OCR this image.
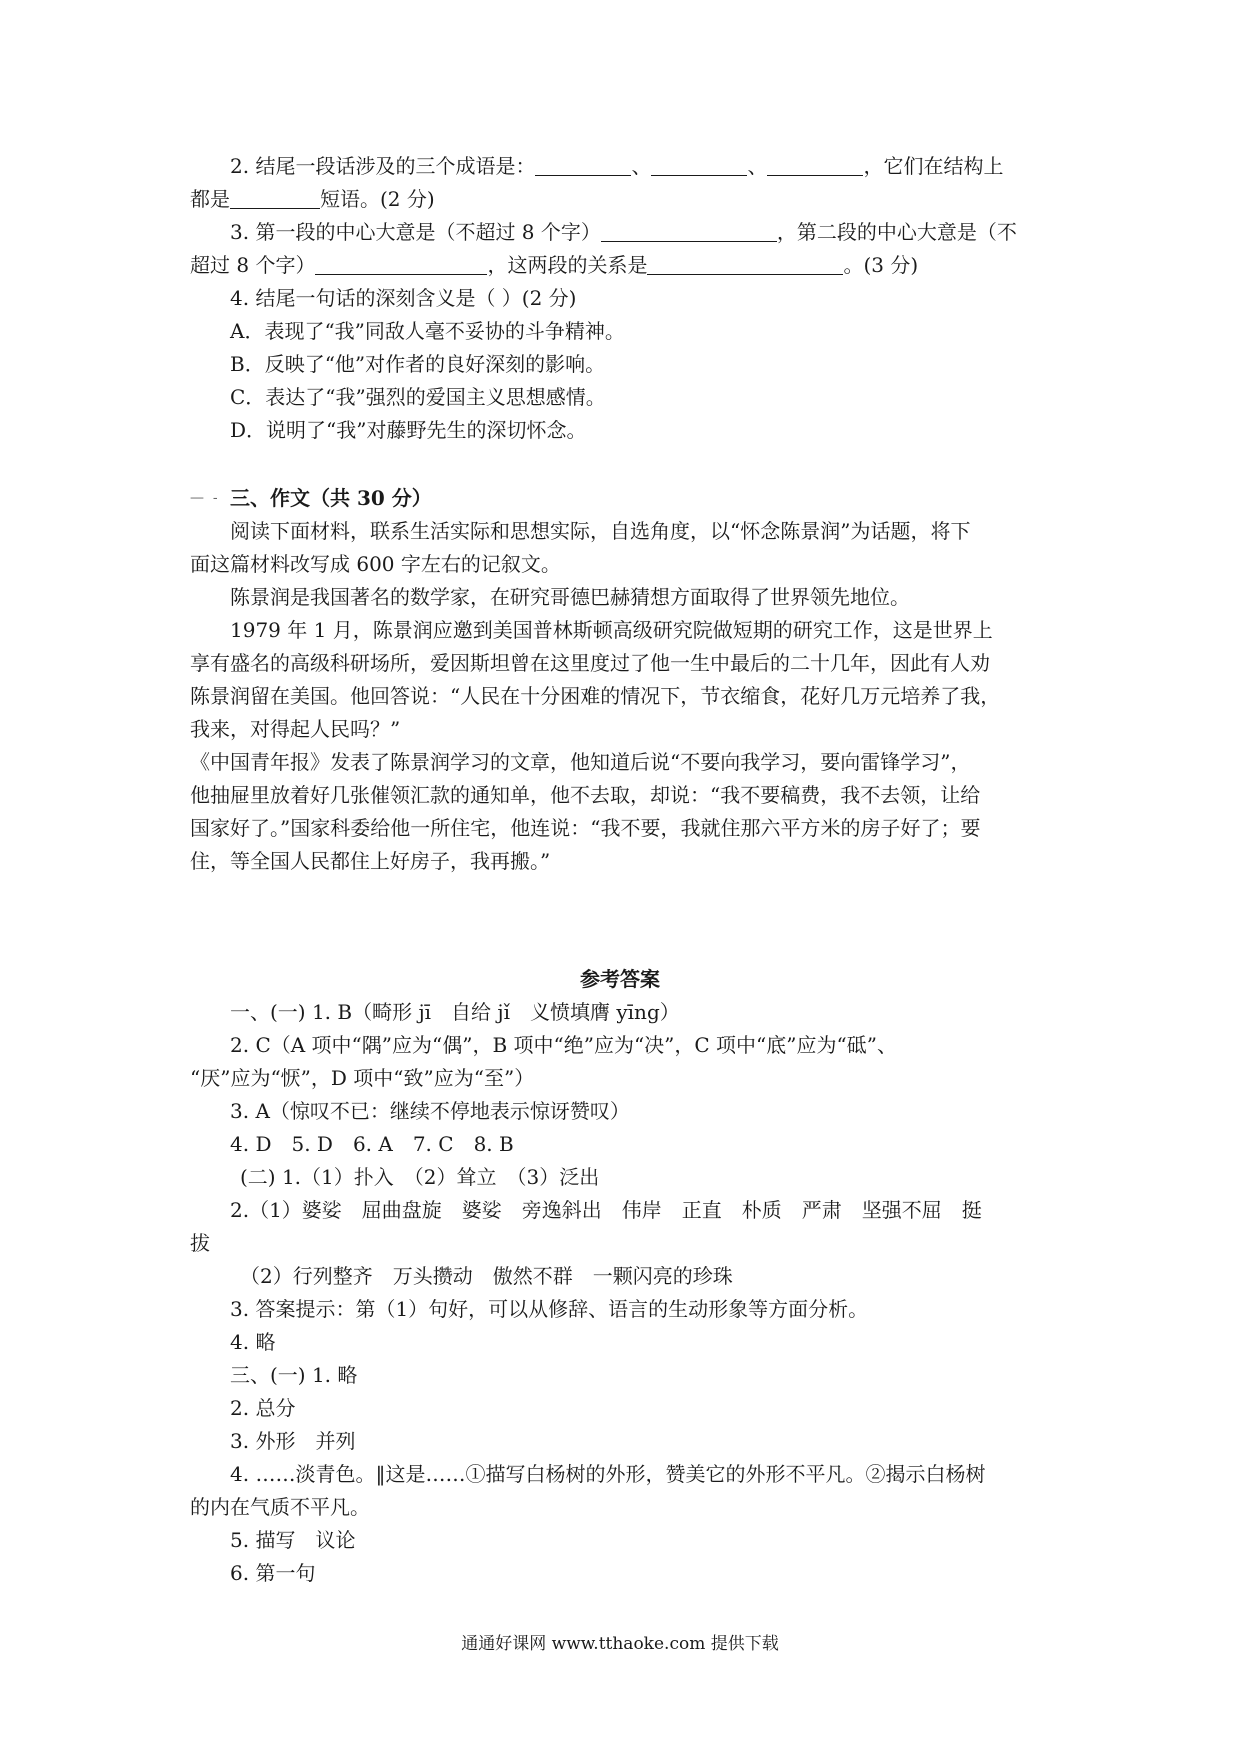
2. 结尾一段话涉及的三个成语是：	、	、	，它们在结构上
都是	短语。(2 分)
3. 第一段的中心大意是（不超过 8 个字）	，第二段的中心大意是（不
超过 8 个字）	，这两段的关系是	。(3 分)
4. 结尾一句话的深刻含义是（ ）(2 分)
A．表现了“我”同敌人毫不妥协的斗争精神。
B．反映了“他”对作者的良好深刻的影响。
C．表达了“我”强烈的爱国主义思想感情。
D．说明了“我”对藤野先生的深切怀念。
—  - 三、作文（共 30 分）
阅读下面材料，联系生活实际和思想实际，自选角度，以“怀念陈景润”为话题，将下
面这篇材料改写成 600 字左右的记叙文。
陈景润是我国著名的数学家，在研究哥德巴赫猜想方面取得了世界领先地位。
1979 年 1 月，陈景润应邀到美国普林斯顿高级研究院做短期的研究工作，这是世界上
享有盛名的高级科研场所，爱因斯坦曾在这里度过了他一生中最后的二十几年，因此有人劝
陈景润留在美国。他回答说：“人民在十分困难的情况下，节衣缩食，花好几万元培养了我，
我来，对得起人民吗？”
《中国青年报》发表了陈景润学习的文章，他知道后说“不要向我学习，要向雷锋学习”，
他抽屉里放着好几张催领汇款的通知单，他不去取，却说：“我不要稿费，我不去领，让给
国家好了。”国家科委给他一所住宅，他连说：“我不要，我就住那六平方米的房子好了；要
住，等全国人民都住上好房子，我再搬。”
参考答案
一、(一) 1. B（畸形 jī　自给 jǐ　义愤填膺 yīng）
2. C（A 项中“隅”应为“偶”，B 项中“绝”应为“决”，C 项中“底”应为“砥”、
“厌”应为“恹”，D 项中“致”应为“至”）
3. A（惊叹不已：继续不停地表示惊讶赞叹）
4. D　5. D　6. A　7. C　8. B
(二) 1.（1）扑入　（2）耸立　（3）泛出
2.（1）婆娑　屈曲盘旋　婆娑　旁逸斜出　伟岸　正直　朴质　严肃　坚强不屈　挺
拔
（2）行列整齐　万头攒动　傲然不群　一颗闪亮的珍珠
3. 答案提示：第（1）句好，可以从修辞、语言的生动形象等方面分析。
4. 略
三、(一) 1. 略
2. 总分
3. 外形　并列
4. ……淡青色。‖这是……①描写白杨树的外形，赞美它的外形不平凡。②揭示白杨树
的内在气质不平凡。
5. 描写　议论
6. 第一句
通通好课网 www.tthaoke.com 提供下载
